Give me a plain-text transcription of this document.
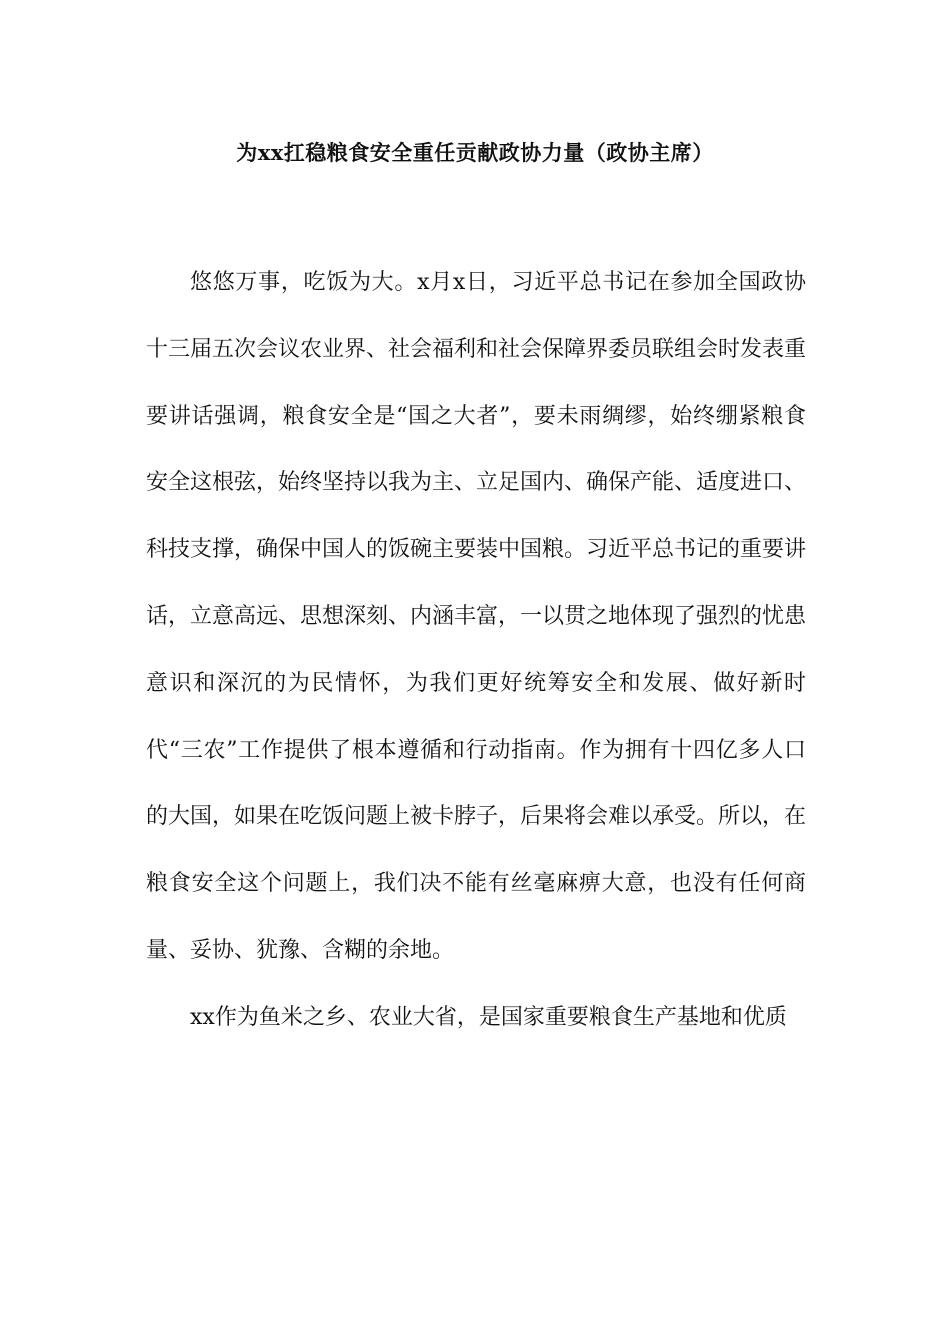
为xx扛稳粮食安全重任贡献政协力量（政协主席）

悠悠万事，吃饭为大。x月x日，习近平总书记在参加全国政协十三届五次会议农业界、社会福利和社会保障界委员联组会时发表重要讲话强调，粮食安全是“国之大者”，要未雨绸缪，始终绷紧粮食安全这根弦，始终坚持以我为主、立足国内、确保产能、适度进口、科技支撑，确保中国人的饭碗主要装中国粮。习近平总书记的重要讲话，立意高远、思想深刻、内涵丰富，一以贯之地体现了强烈的忧患意识和深沉的为民情怀，为我们更好统筹安全和发展、做好新时代“三农”工作提供了根本遵循和行动指南。作为拥有十四亿多人口的大国，如果在吃饭问题上被卡脖子，后果将会难以承受。所以，在粮食安全这个问题上，我们决不能有丝毫麻痹大意，也没有任何商量、妥协、犹豫、含糊的余地。

xx作为鱼米之乡、农业大省，是国家重要粮食生产基地和优质
